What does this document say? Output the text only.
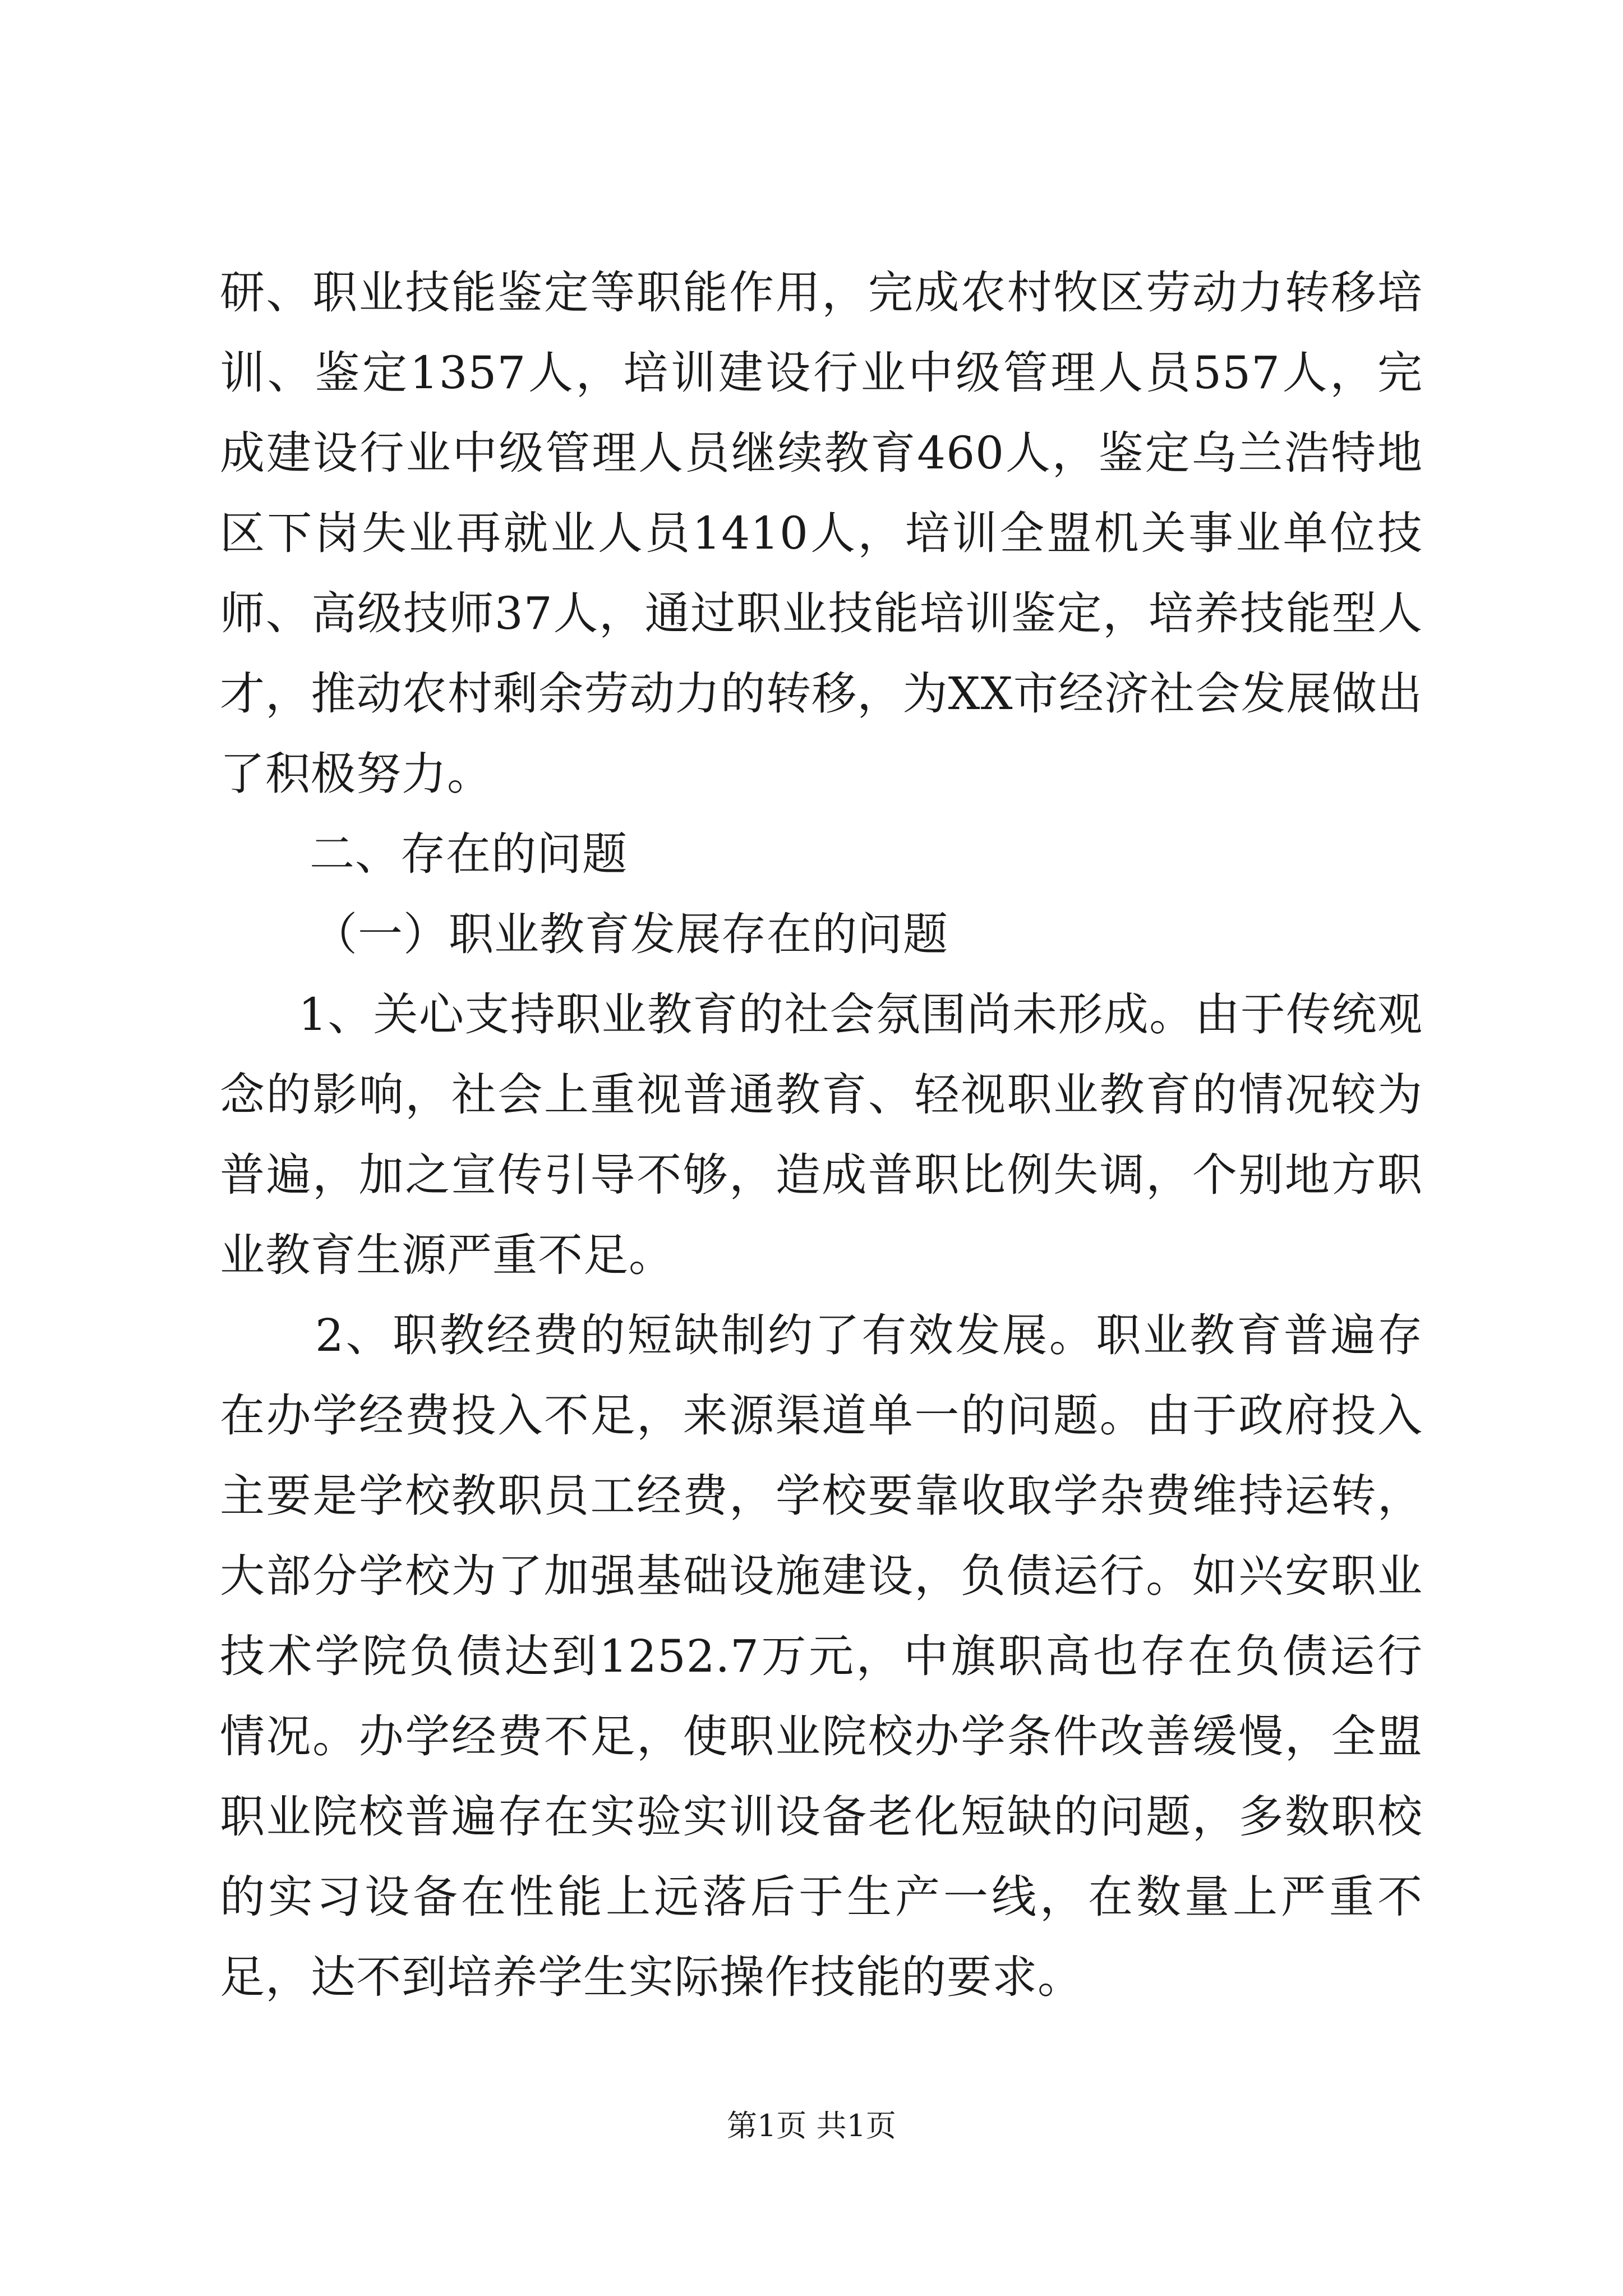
研、职业技能鉴定等职能作用，完成农村牧区劳动力转移培训、鉴定1357人，培训建设行业中级管理人员557人，完成建设行业中级管理人员继续教育460人，鉴定乌兰浩特地区下岗失业再就业人员1410人，培训全盟机关事业单位技师、高级技师37人，通过职业技能培训鉴定，培养技能型人才，推动农村剩余劳动力的转移，为XX市经济社会发展做出了积极努力。

二、存在的问题

（一）职业教育发展存在的问题

1、关心支持职业教育的社会氛围尚未形成。由于传统观念的影响，社会上重视普通教育、轻视职业教育的情况较为普遍，加之宣传引导不够，造成普职比例失调，个别地方职业教育生源严重不足。

2、职教经费的短缺制约了有效发展。职业教育普遍存在办学经费投入不足，来源渠道单一的问题。由于政府投入主要是学校教职员工经费，学校要靠收取学杂费维持运转，大部分学校为了加强基础设施建设，负债运行。如兴安职业技术学院负债达到1252.7万元，中旗职高也存在负债运行情况。办学经费不足，使职业院校办学条件改善缓慢，全盟职业院校普遍存在实验实训设备老化短缺的问题，多数职校的实习设备在性能上远落后于生产一线，在数量上严重不足，达不到培养学生实际操作技能的要求。

第1页 共1页
